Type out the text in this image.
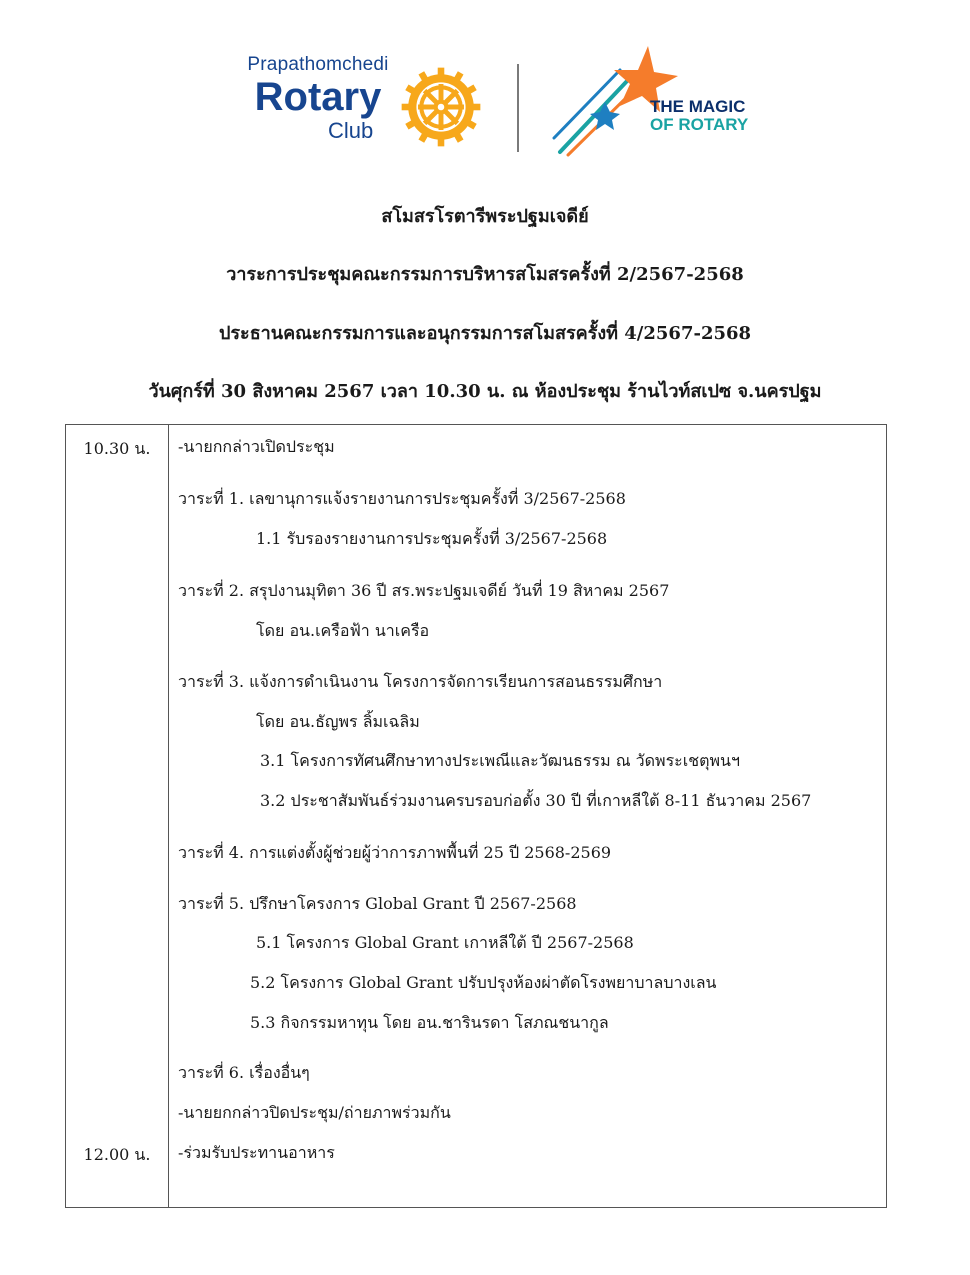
Prapathomchedi
Rotary
Club
THE MAGIC
OF ROTARY
สโมสรโรตารีพระปฐมเจดีย์
วาระการประชุมคณะกรรมการบริหารสโมสรครั้งที่ 2/2567-2568
ประธานคณะกรรมการและอนุกรรมการสโมสรครั้งที่ 4/2567-2568
วันศุกร์ที่ 30 สิงหาคม 2567 เวลา 10.30 น. ณ ห้องประชุม ร้านไวท์สเปซ จ.นครปฐม
10.30 น.
12.00 น.
-นายกกล่าวเปิดประชุม
วาระที่ 1. เลขานุการแจ้งรายงานการประชุมครั้งที่ 3/2567-2568
1.1 รับรองรายงานการประชุมครั้งที่ 3/2567-2568
วาระที่ 2. สรุปงานมุทิตา 36 ปี สร.พระปฐมเจดีย์ วันที่ 19 สิหาคม 2567
โดย อน.เครือฟ้า นาเครือ
วาระที่ 3. แจ้งการดำเนินงาน โครงการจัดการเรียนการสอนธรรมศึกษา
โดย อน.ธัญพร ลิ้มเฉลิม
3.1 โครงการทัศนศึกษาทางประเพณีและวัฒนธรรม ณ วัดพระเชตุพนฯ
3.2 ประชาสัมพันธ์ร่วมงานครบรอบก่อตั้ง 30 ปี ที่เกาหลีใต้ 8-11 ธันวาคม 2567
วาระที่ 4. การแต่งตั้งผู้ช่วยผู้ว่าการภาพพื้นที่ 25 ปี 2568-2569
วาระที่ 5. ปรึกษาโครงการ Global Grant ปี 2567-2568
5.1 โครงการ Global Grant เกาหลีใต้ ปี 2567-2568
5.2 โครงการ Global Grant ปรับปรุงห้องผ่าตัดโรงพยาบาลบางเลน
5.3 กิจกรรมหาทุน โดย อน.ชารินรดา โสภณชนากูล
วาระที่ 6. เรื่องอื่นๆ
-นายยกกล่าวปิดประชุม/ถ่ายภาพร่วมกัน
-ร่วมรับประทานอาหาร
